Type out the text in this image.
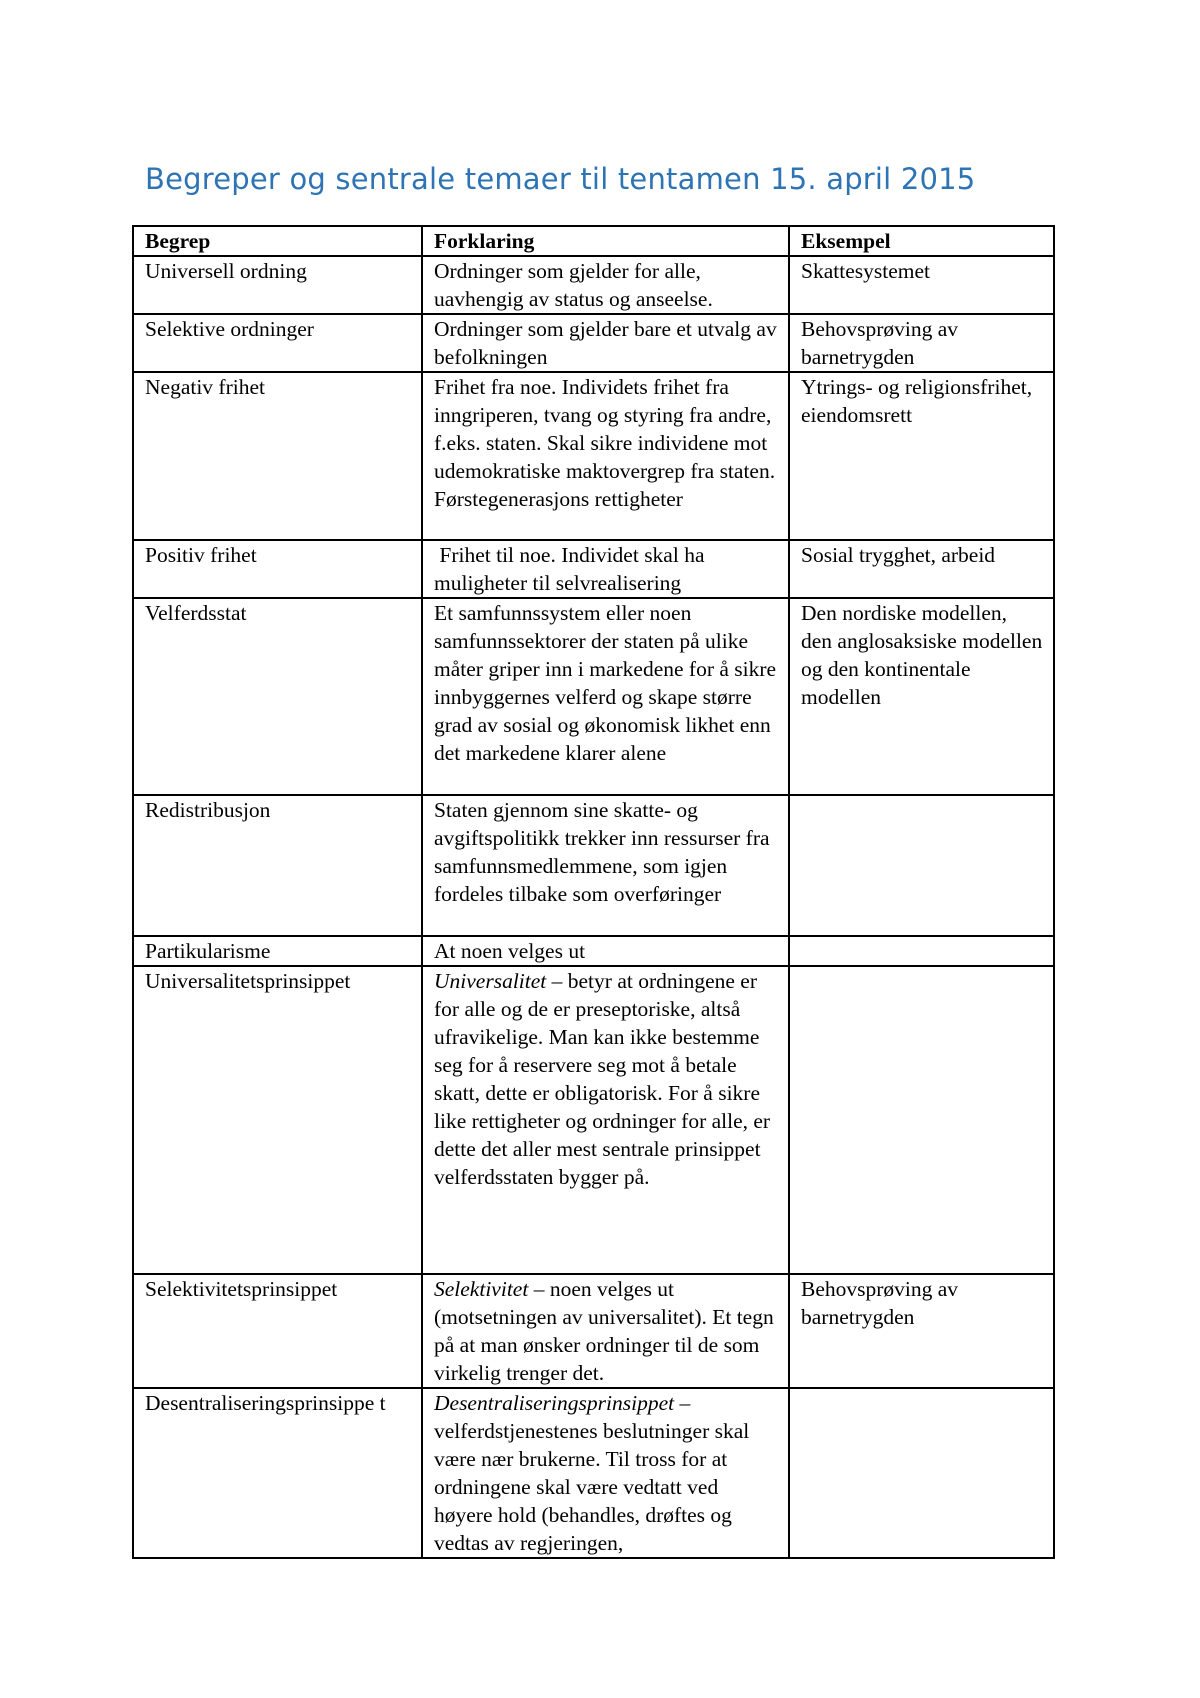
Begreper og sentrale temaer til tentamen 15. april 2015
Begrep	Forklaring	Eksempel
Universell ordning	Ordninger som gjelder for alle, uavhengig av status og anseelse.	Skattesystemet
Selektive ordninger	Ordninger som gjelder bare et utvalg av befolkningen	Behovsprøving av barnetrygden
Negativ frihet	Frihet fra noe. Individets frihet fra inngriperen, tvang og styring fra andre, f.eks. staten. Skal sikre individene mot udemokratiske maktovergrep fra staten. Førstegenerasjons rettigheter	Ytrings- og religionsfrihet, eiendomsrett
Positiv frihet	Frihet til noe. Individet skal ha muligheter til selvrealisering	Sosial trygghet, arbeid
Velferdsstat	Et samfunnssystem eller noen samfunnssektorer der staten på ulike måter griper inn i markedene for å sikre innbyggernes velferd og skape større grad av sosial og økonomisk likhet enn det markedene klarer alene	Den nordiske modellen, den anglosaksiske modellen og den kontinentale modellen
Redistribusjon	Staten gjennom sine skatte- og avgiftspolitikk trekker inn ressurser fra samfunnsmedlemmene, som igjen fordeles tilbake som overføringer	
Partikularisme	At noen velges ut	
Universalitetsprinsippet	Universalitet – betyr at ordningene er for alle og de er preseptoriske, altså ufravikelige. Man kan ikke bestemme seg for å reservere seg mot å betale skatt, dette er obligatorisk. For å sikre like rettigheter og ordninger for alle, er dette det aller mest sentrale prinsippet velferdsstaten bygger på.	
Selektivitetsprinsippet	Selektivitet – noen velges ut (motsetningen av universalitet). Et tegn på at man ønsker ordninger til de som virkelig trenger det.	Behovsprøving av barnetrygden
Desentraliseringsprinsippe t	Desentraliseringsprinsippet – velferdstjenestenes beslutninger skal være nær brukerne. Til tross for at ordningene skal være vedtatt ved høyere hold (behandles, drøftes og vedtas av regjeringen,	
